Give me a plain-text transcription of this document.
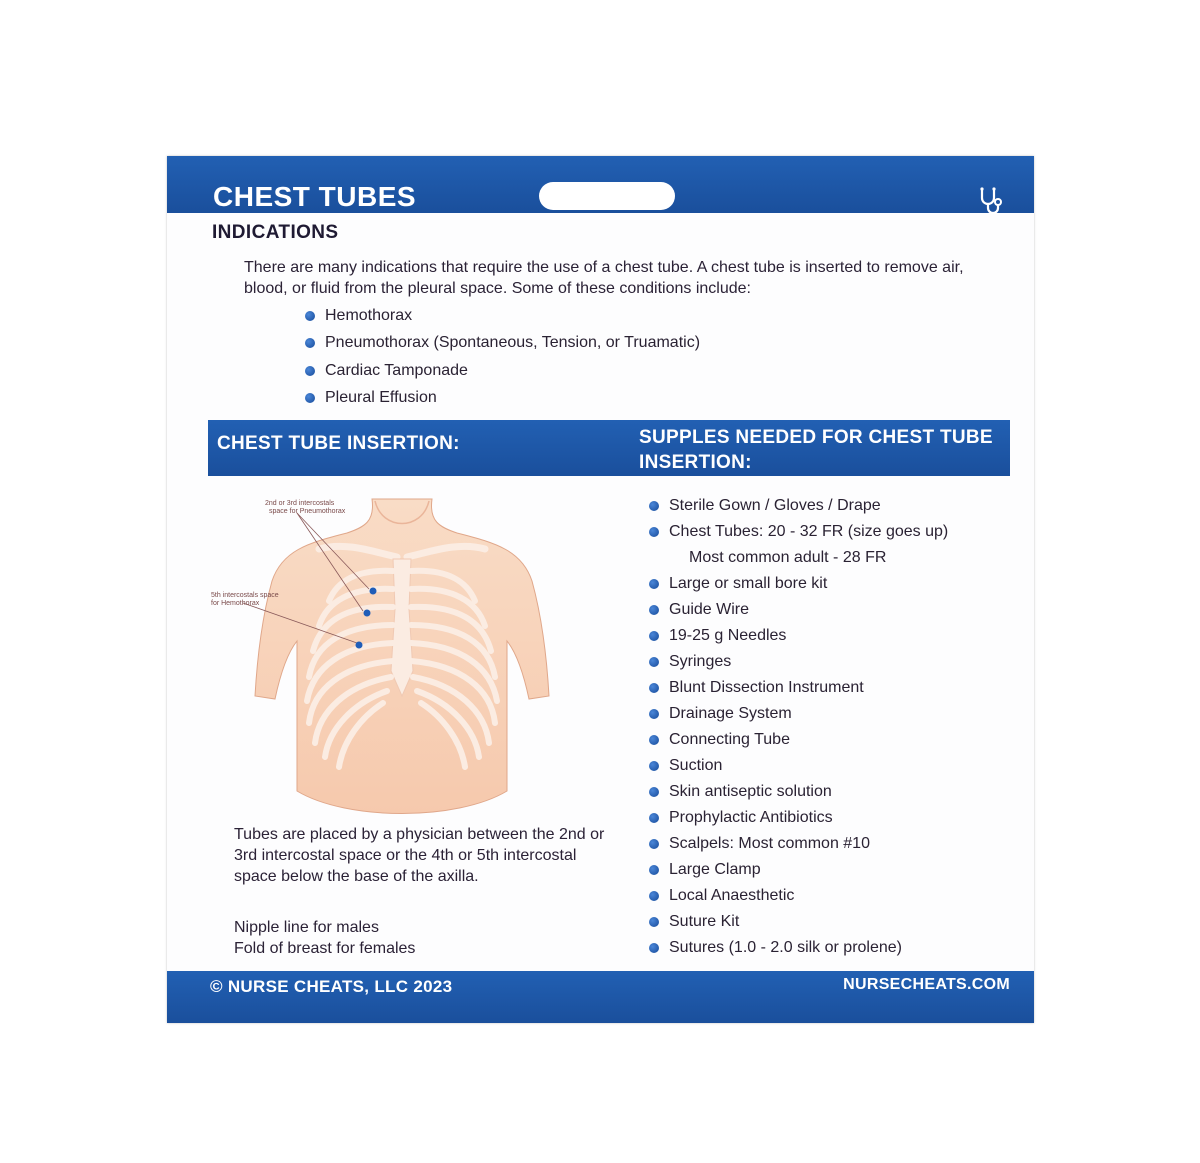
CHEST TUBES
INDICATIONS
There are many indications that require the use of a chest tube. A chest tube is inserted to remove air, blood, or fluid from the pleural space. Some of these conditions include:
Hemothorax
Pneumothorax (Spontaneous, Tension, or Truamatic)
Cardiac Tamponade
Pleural Effusion
CHEST TUBE INSERTION:	SUPPLES NEEDED FOR CHEST TUBE INSERTION:
2nd or 3rd intercostals
space for Pneumothorax
5th intercostals space
for Hemothorax
Tubes are placed by a physician between the 2nd or 3rd intercostal space or the 4th or 5th intercostal space below the base of the axilla.
Nipple line for males
Fold of breast for females
Sterile Gown / Gloves / Drape
Chest Tubes: 20 - 32 FR (size goes up)
Most common adult - 28 FR
Large or small bore kit
Guide Wire
19-25 g Needles
Syringes
Blunt Dissection Instrument
Drainage System
Connecting Tube
Suction
Skin antiseptic solution
Prophylactic Antibiotics
Scalpels: Most common #10
Large Clamp
Local Anaesthetic
Suture Kit
Sutures (1.0 - 2.0 silk or prolene)
© NURSE CHEATS, LLC 2023	NURSECHEATS.COM
